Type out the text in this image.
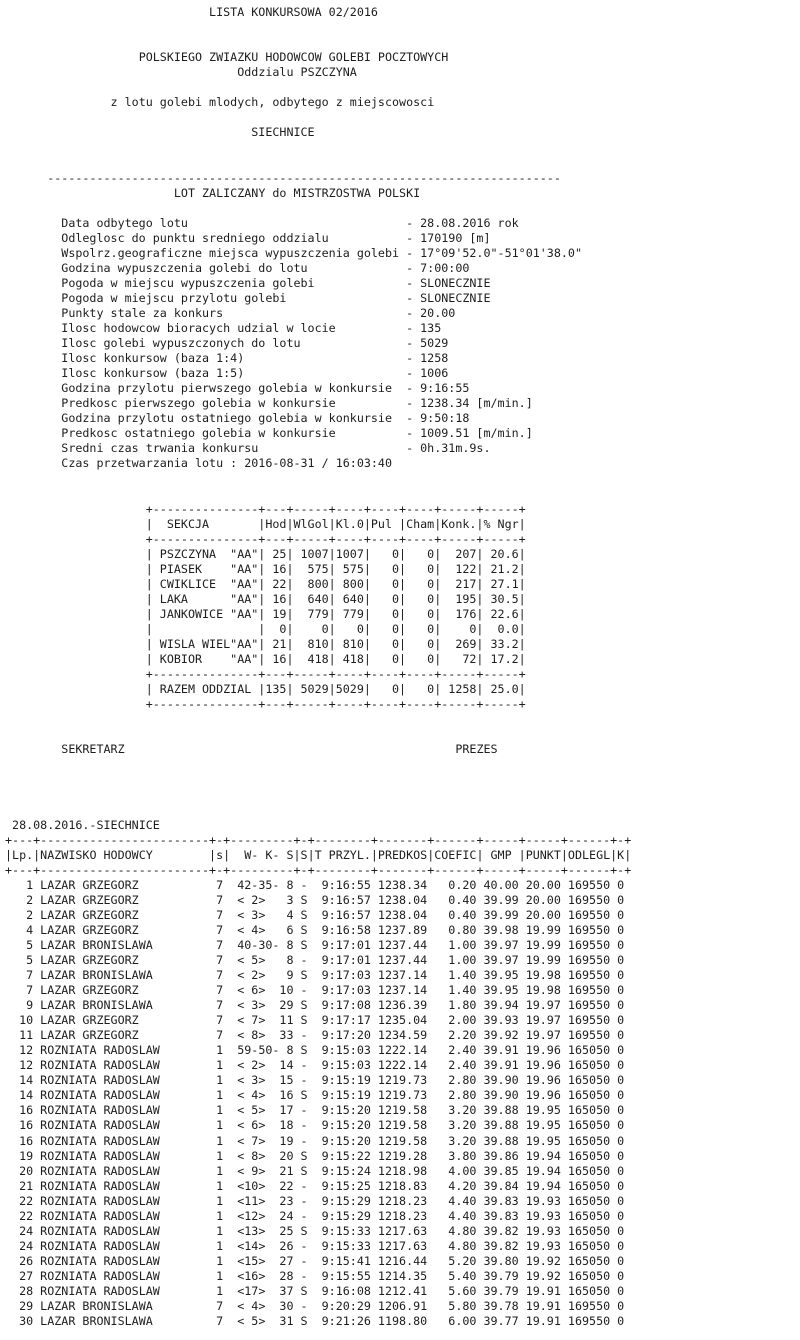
LISTA KONKURSOWA 02/2016
POLSKIEGO ZWIAZKU HODOWCOW GOLEBI POCZTOWYCH
Oddzialu PSZCZYNA
z lotu golebi mlodych, odbytego z miejscowosci
SIECHNICE
-------------------------------------------------------------------------
LOT ZALICZANY do MISTRZOSTWA POLSKI
Data odbytego lotu                               - 28.08.2016 rok
Odleglosc do punktu sredniego oddzialu           - 170190 [m]
Wspolrz.geograficzne miejsca wypuszczenia golebi - 17°09'52.0"-51°01'38.0"
Godzina wypuszczenia golebi do lotu              - 7:00:00
Pogoda w miejscu wypuszczenia golebi             - SLONECZNIE
Pogoda w miejscu przylotu golebi                 - SLONECZNIE
Punkty stale za konkurs                          - 20.00
Ilosc hodowcow bioracych udzial w locie          - 135
Ilosc golebi wypuszczonych do lotu               - 5029
Ilosc konkursow (baza 1:4)                       - 1258
Ilosc konkursow (baza 1:5)                       - 1006
Godzina przylotu pierwszego golebia w konkursie  - 9:16:55
Predkosc pierwszego golebia w konkursie          - 1238.34 [m/min.]
Godzina przylotu ostatniego golebia w konkursie  - 9:50:18
Predkosc ostatniego golebia w konkursie          - 1009.51 [m/min.]
Sredni czas trwania konkursu                     - 0h.31m.9s.
Czas przetwarzania lotu : 2016-08-31 / 16:03:40
+---------------+---+-----+----+----+----+-----+-----+
|  SEKCJA       |Hod|WlGol|Kl.0|Pul |Cham|Konk.|% Ngr|
+---------------+---+-----+----+----+----+-----+-----+
| PSZCZYNA  "AA"| 25| 1007|1007|   0|   0|  207| 20.6|
| PIASEK    "AA"| 16|  575| 575|   0|   0|  122| 21.2|
| CWIKLICE  "AA"| 22|  800| 800|   0|   0|  217| 27.1|
| LAKA      "AA"| 16|  640| 640|   0|   0|  195| 30.5|
| JANKOWICE "AA"| 19|  779| 779|   0|   0|  176| 22.6|
|               |  0|    0|   0|   0|   0|    0|  0.0|
| WISLA WIEL"AA"| 21|  810| 810|   0|   0|  269| 33.2|
| KOBIOR    "AA"| 16|  418| 418|   0|   0|   72| 17.2|
+---------------+---+-----+----+----+----+-----+-----+
| RAZEM ODDZIAL |135| 5029|5029|   0|   0| 1258| 25.0|
+---------------+---+-----+----+----+----+-----+-----+
SEKRETARZ	PREZES
28.08.2016.-SIECHNICE
+---+------------------------+-+---------+-+--------+-------+------+-----+-----+------+-+
|Lp.|NAZWISKO HODOWCY        |s|  W- K- S|S|T PRZYL.|PREDKOS|COEFIC| GMP |PUNKT|ODLEGL|K|
+---+------------------------+-+---------+-+--------+-------+------+-----+-----+------+-+
1 LAZAR GRZEGORZ           7  42-35- 8 -  9:16:55 1238.34   0.20 40.00 20.00 169550 0
2 LAZAR GRZEGORZ           7  < 2>   3 S  9:16:57 1238.04   0.40 39.99 20.00 169550 0
2 LAZAR GRZEGORZ           7  < 3>   4 S  9:16:57 1238.04   0.40 39.99 20.00 169550 0
4 LAZAR GRZEGORZ           7  < 4>   6 S  9:16:58 1237.89   0.80 39.98 19.99 169550 0
5 LAZAR BRONISLAWA         7  40-30- 8 S  9:17:01 1237.44   1.00 39.97 19.99 169550 0
5 LAZAR GRZEGORZ           7  < 5>   8 -  9:17:01 1237.44   1.00 39.97 19.99 169550 0
7 LAZAR BRONISLAWA         7  < 2>   9 S  9:17:03 1237.14   1.40 39.95 19.98 169550 0
7 LAZAR GRZEGORZ           7  < 6>  10 -  9:17:03 1237.14   1.40 39.95 19.98 169550 0
9 LAZAR BRONISLAWA         7  < 3>  29 S  9:17:08 1236.39   1.80 39.94 19.97 169550 0
10 LAZAR GRZEGORZ           7  < 7>  11 S  9:17:17 1235.04   2.00 39.93 19.97 169550 0
11 LAZAR GRZEGORZ           7  < 8>  33 -  9:17:20 1234.59   2.20 39.92 19.97 169550 0
12 ROZNIATA RADOSLAW        1  59-50- 8 S  9:15:03 1222.14   2.40 39.91 19.96 165050 0
12 ROZNIATA RADOSLAW        1  < 2>  14 -  9:15:03 1222.14   2.40 39.91 19.96 165050 0
14 ROZNIATA RADOSLAW        1  < 3>  15 -  9:15:19 1219.73   2.80 39.90 19.96 165050 0
14 ROZNIATA RADOSLAW        1  < 4>  16 S  9:15:19 1219.73   2.80 39.90 19.96 165050 0
16 ROZNIATA RADOSLAW        1  < 5>  17 -  9:15:20 1219.58   3.20 39.88 19.95 165050 0
16 ROZNIATA RADOSLAW        1  < 6>  18 -  9:15:20 1219.58   3.20 39.88 19.95 165050 0
16 ROZNIATA RADOSLAW        1  < 7>  19 -  9:15:20 1219.58   3.20 39.88 19.95 165050 0
19 ROZNIATA RADOSLAW        1  < 8>  20 S  9:15:22 1219.28   3.80 39.86 19.94 165050 0
20 ROZNIATA RADOSLAW        1  < 9>  21 S  9:15:24 1218.98   4.00 39.85 19.94 165050 0
21 ROZNIATA RADOSLAW        1  <10>  22 -  9:15:25 1218.83   4.20 39.84 19.94 165050 0
22 ROZNIATA RADOSLAW        1  <11>  23 -  9:15:29 1218.23   4.40 39.83 19.93 165050 0
22 ROZNIATA RADOSLAW        1  <12>  24 -  9:15:29 1218.23   4.40 39.83 19.93 165050 0
24 ROZNIATA RADOSLAW        1  <13>  25 S  9:15:33 1217.63   4.80 39.82 19.93 165050 0
24 ROZNIATA RADOSLAW        1  <14>  26 -  9:15:33 1217.63   4.80 39.82 19.93 165050 0
26 ROZNIATA RADOSLAW        1  <15>  27 -  9:15:41 1216.44   5.20 39.80 19.92 165050 0
27 ROZNIATA RADOSLAW        1  <16>  28 -  9:15:55 1214.35   5.40 39.79 19.92 165050 0
28 ROZNIATA RADOSLAW        1  <17>  37 S  9:16:08 1212.41   5.60 39.79 19.91 165050 0
29 LAZAR BRONISLAWA         7  < 4>  30 -  9:20:29 1206.91   5.80 39.78 19.91 169550 0
30 LAZAR BRONISLAWA         7  < 5>  31 S  9:21:26 1198.80   6.00 39.77 19.91 169550 0
